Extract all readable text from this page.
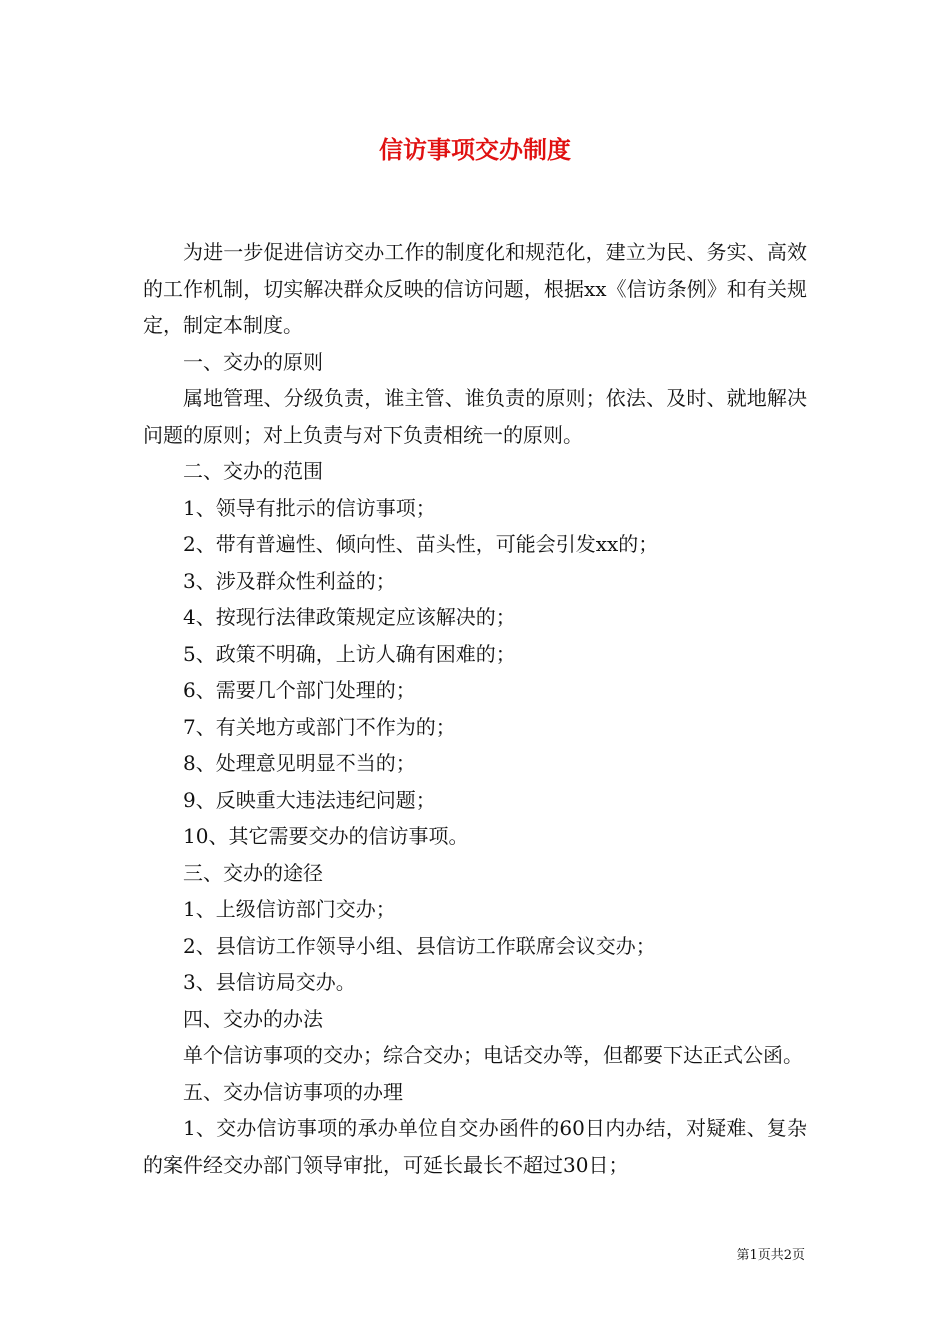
信访事项交办制度

为进一步促进信访交办工作的制度化和规范化，建立为民、务实、高效的工作机制，切实解决群众反映的信访问题，根据xx《信访条例》和有关规定，制定本制度。

一、交办的原则

属地管理、分级负责，谁主管、谁负责的原则；依法、及时、就地解决问题的原则；对上负责与对下负责相统一的原则。

二、交办的范围

1、领导有批示的信访事项；

2、带有普遍性、倾向性、苗头性，可能会引发xx的；

3、涉及群众性利益的；

4、按现行法律政策规定应该解决的；

5、政策不明确，上访人确有困难的；

6、需要几个部门处理的；

7、有关地方或部门不作为的；

8、处理意见明显不当的；

9、反映重大违法违纪问题；

10、其它需要交办的信访事项。

三、交办的途径

1、上级信访部门交办；

2、县信访工作领导小组、县信访工作联席会议交办；

3、县信访局交办。

四、交办的办法

单个信访事项的交办；综合交办；电话交办等，但都要下达正式公函。

五、交办信访事项的办理

1、交办信访事项的承办单位自交办函件的60日内办结，对疑难、复杂的案件经交办部门领导审批，可延长最长不超过30日；

第1页共2页
